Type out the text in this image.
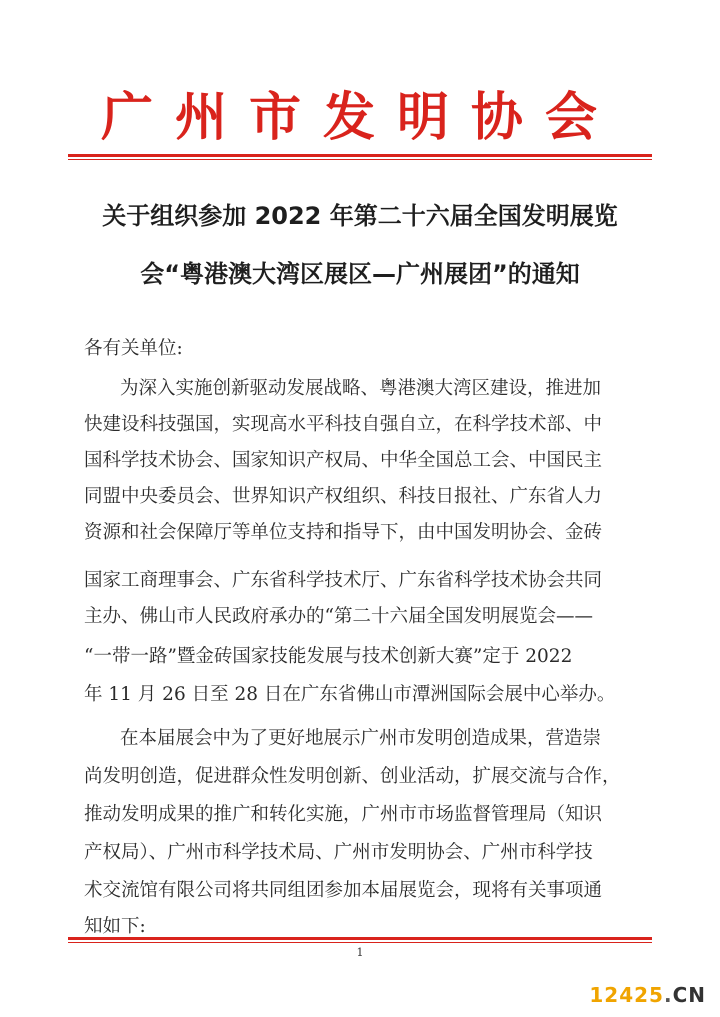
广州市发明协会
关于组织参加 2022 年第二十六届全国发明展览
会“粤港澳大湾区展区—广州展团”的通知
各有关单位:
为深入实施创新驱动发展战略、粤港澳大湾区建设，推进加
快建设科技强国，实现高水平科技自强自立，在科学技术部、中
国科学技术协会、国家知识产权局、中华全国总工会、中国民主
同盟中央委员会、世界知识产权组织、科技日报社、广东省人力
资源和社会保障厅等单位支持和指导下，由中国发明协会、金砖
国家工商理事会、广东省科学技术厅、广东省科学技术协会共同
主办、佛山市人民政府承办的“第二十六届全国发明展览会——
“一带一路”暨金砖国家技能发展与技术创新大赛”定于 2022
年 11 月 26 日至 28 日在广东省佛山市潭洲国际会展中心举办。
在本届展会中为了更好地展示广州市发明创造成果，营造崇
尚发明创造，促进群众性发明创新、创业活动，扩展交流与合作，
推动发明成果的推广和转化实施，广州市市场监督管理局（知识
产权局）、广州市科学技术局、广州市发明协会、广州市科学技
术交流馆有限公司将共同组团参加本届展览会，现将有关事项通
知如下:
1
12425.CN
